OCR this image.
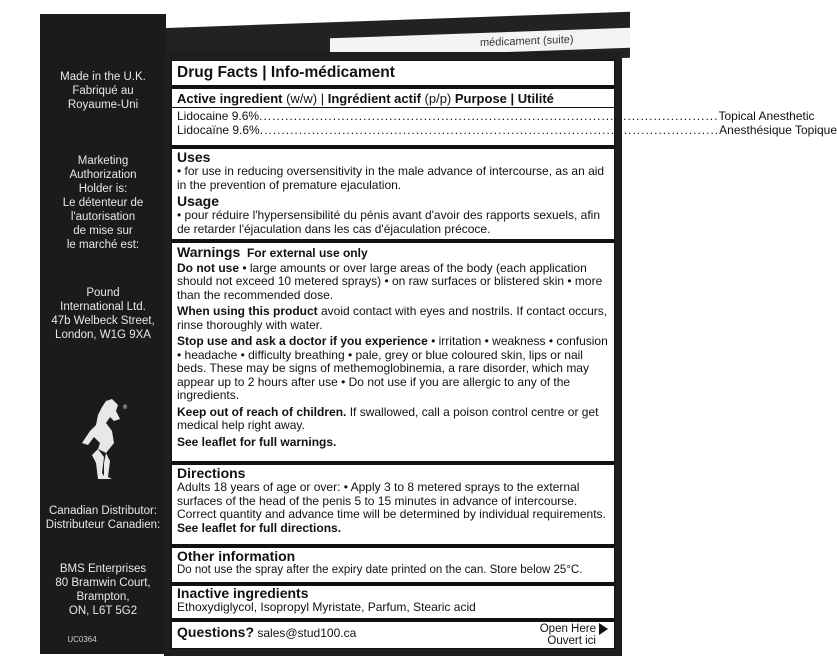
médicament (suite)

Made in the U.K.

Fabriqué au

Royaume-Uni

Marketing

Authorization

Holder is:

Le détenteur de

l'autorisation

de mise sur

le marché est:

Pound

International Ltd.

47b Welbeck Street,

London, W1G 9XA

®

Canadian Distributor:

Distributeur Canadien:

BMS Enterprises

80 Bramwin Court,

Brampton,

ON, L6T 5G2

UC0364
Drug Facts | Info-médicament
Active ingredient (w/w) | Ingrédient actif (p/p) Purpose | Utilité
Lidocaine 9.6% .......................................................................................................... Topical Anesthetic
Lidocaïne 9.6% .......................................................................................................... Anesthésique Topique
Uses
• for use in reducing oversensitivity in the male advance of intercourse, as an aid in the prevention of premature ejaculation.
Usage
• pour réduire l'hypersensibilité du pénis avant d'avoir des rapports sexuels, afin de retarder l'éjaculation dans les cas d'éjaculation précoce.
Warnings For external use only
Do not use • large amounts or over large areas of the body (each application should not exceed 10 metered sprays) • on raw surfaces or blistered skin • more than the recommended dose.
When using this product avoid contact with eyes and nostrils. If contact occurs, rinse thoroughly with water.
Stop use and ask a doctor if you experience • irritation • weakness • confusion • headache • difficulty breathing • pale, grey or blue coloured skin, lips or nail beds. These may be signs of methemoglobinemia, a rare disorder, which may appear up to 2 hours after use • Do not use if you are allergic to any of the ingredients.
Keep out of reach of children. If swallowed, call a poison control centre or get medical help right away.
See leaflet for full warnings.
Directions
Adults 18 years of age or over: • Apply 3 to 8 metered sprays to the external surfaces of the head of the penis 5 to 15 minutes in advance of intercourse. Correct quantity and advance time will be determined by individual requirements. See leaflet for full directions.
Other information
Do not use the spray after the expiry date printed on the can. Store below 25°C.
Inactive ingredients
Ethoxydiglycol, Isopropyl Myristate, Parfum, Stearic acid
Questions? sales@stud100.ca	Open Here
Ouvert ici
